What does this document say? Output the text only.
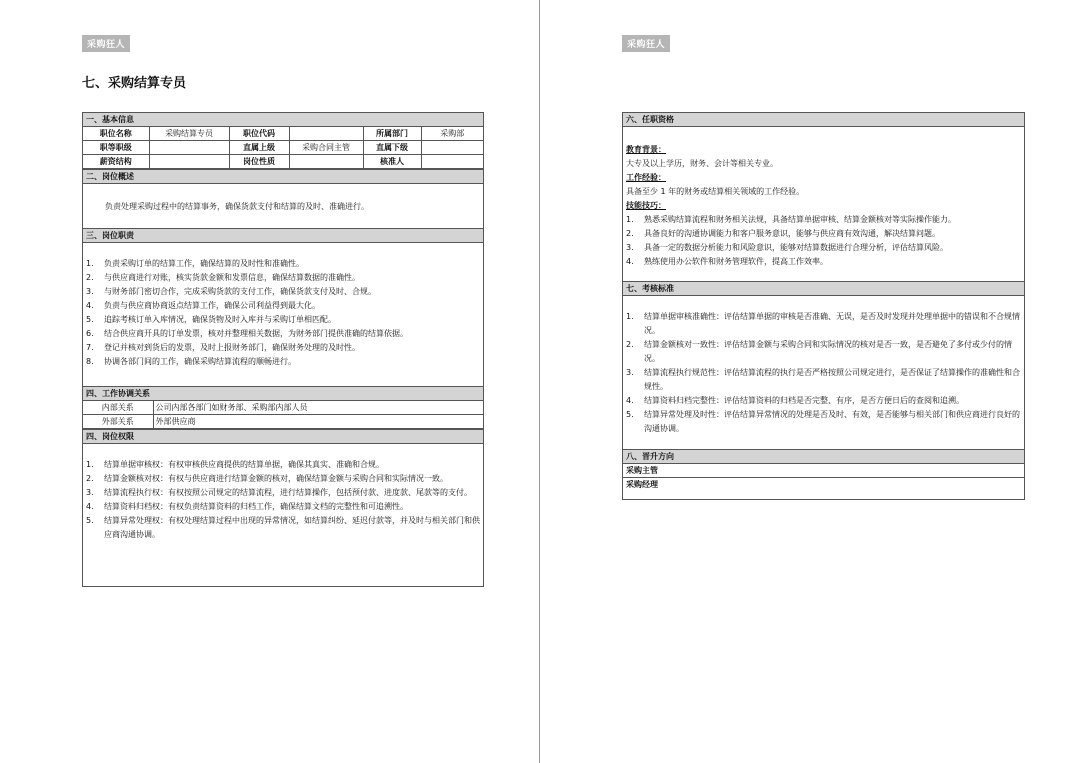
采购狂人
七、采购结算专员
一、基本信息
职位名称	采购结算专员	职位代码		所属部门	采购部
职等职级		直属上级	采购合同主管	直属下级	
薪资结构		岗位性质		核准人	
二、岗位概述
负责处理采购过程中的结算事务，确保货款支付和结算的及时、准确进行。
三、岗位职责
1.	负责采购订单的结算工作，确保结算的及时性和准确性。
2.	与供应商进行对账，核实货款金额和发票信息，确保结算数据的准确性。
3.	与财务部门密切合作，完成采购货款的支付工作，确保货款支付及时、合规。
4.	负责与供应商协商返点结算工作，确保公司利益得到最大化。
5.	追踪考核订单入库情况，确保货物及时入库并与采购订单相匹配。
6.	结合供应商开具的订单发票，核对并整理相关数据，为财务部门提供准确的结算依据。
7.	登记并核对到货后的发票，及时上报财务部门，确保财务处理的及时性。
8.	协调各部门间的工作，确保采购结算流程的顺畅进行。
四、工作协调关系
内部关系	公司内部各部门如财务部、采购部内部人员
外部关系	外部供应商
四、岗位权限
1.	结算单据审核权：有权审核供应商提供的结算单据，确保其真实、准确和合规。
2.	结算金额核对权：有权与供应商进行结算金额的核对，确保结算金额与采购合同和实际情况一致。
3.	结算流程执行权：有权按照公司规定的结算流程，进行结算操作，包括预付款、进度款、尾款等的支付。
4.	结算资料归档权：有权负责结算资料的归档工作，确保结算文档的完整性和可追溯性。
5.	结算异常处理权：有权处理结算过程中出现的异常情况，如结算纠纷、延迟付款等，并及时与相关部门和供应商沟通协调。
采购狂人
六、任职资格
教育背景：
大专及以上学历，财务、会计等相关专业。
工作经验：
具备至少 1 年的财务或结算相关领域的工作经验。
技能技巧：
1.	熟悉采购结算流程和财务相关法规，具备结算单据审核、结算金额核对等实际操作能力。
2.	具备良好的沟通协调能力和客户服务意识，能够与供应商有效沟通，解决结算问题。
3.	具备一定的数据分析能力和风险意识，能够对结算数据进行合理分析，评估结算风险。
4.	熟练使用办公软件和财务管理软件，提高工作效率。
七、考核标准
1.	结算单据审核准确性：评估结算单据的审核是否准确、无误，是否及时发现并处理单据中的错误和不合规情况。
2.	结算金额核对一致性：评估结算金额与采购合同和实际情况的核对是否一致，是否避免了多付或少付的情况。
3.	结算流程执行规范性：评估结算流程的执行是否严格按照公司规定进行，是否保证了结算操作的准确性和合规性。
4.	结算资料归档完整性：评估结算资料的归档是否完整、有序，是否方便日后的查阅和追溯。
5.	结算异常处理及时性：评估结算异常情况的处理是否及时、有效，是否能够与相关部门和供应商进行良好的沟通协调。
八、晋升方向
采购主管
采购经理
